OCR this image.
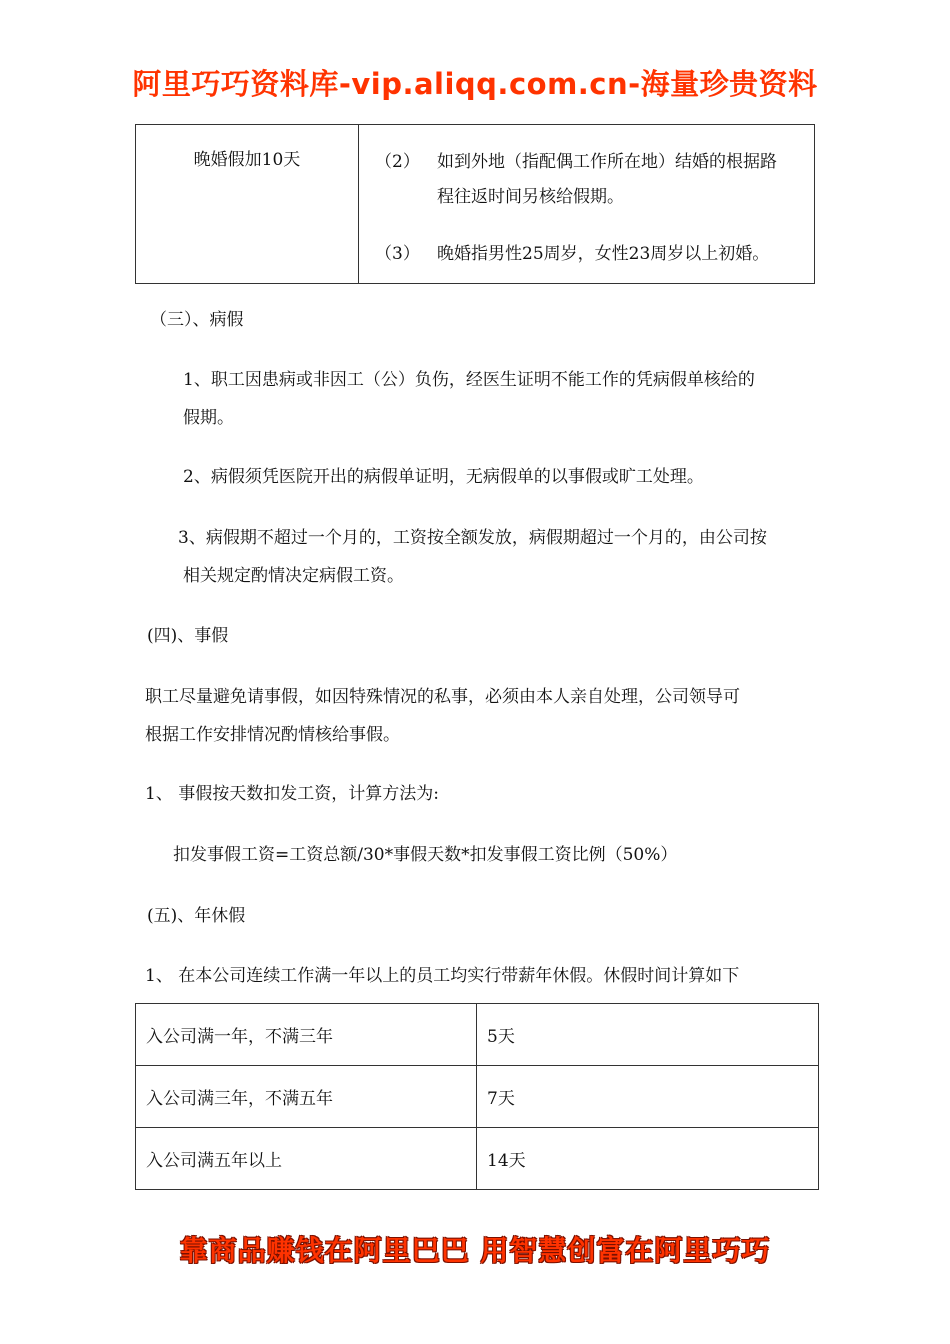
阿里巧巧资料库-vip.aliqq.com.cn-海量珍贵资料
晚婚假加10天	（2） 如到外地（指配偶工作所在地）结婚的根据路
程往返时间另核给假期。
（3） 晚婚指男性25周岁，女性23周岁以上初婚。
（三）、病假
1、职工因患病或非因工（公）负伤，经医生证明不能工作的凭病假单核给的
假期。
2、病假须凭医院开出的病假单证明，无病假单的以事假或旷工处理。
3、病假期不超过一个月的，工资按全额发放，病假期超过一个月的，由公司按
相关规定酌情决定病假工资。
(四)、事假
职工尽量避免请事假，如因特殊情况的私事，必须由本人亲自处理，公司领导可
根据工作安排情况酌情核给事假。
1、 事假按天数扣发工资，计算方法为:
扣发事假工资=工资总额/30*事假天数*扣发事假工资比例（50%）
(五)、年休假
1、 在本公司连续工作满一年以上的员工均实行带薪年休假。休假时间计算如下
入公司满一年，不满三年	5天
入公司满三年，不满五年	7天
入公司满五年以上	14天
靠商品赚钱在阿里巴巴 用智慧创富在阿里巧巧
